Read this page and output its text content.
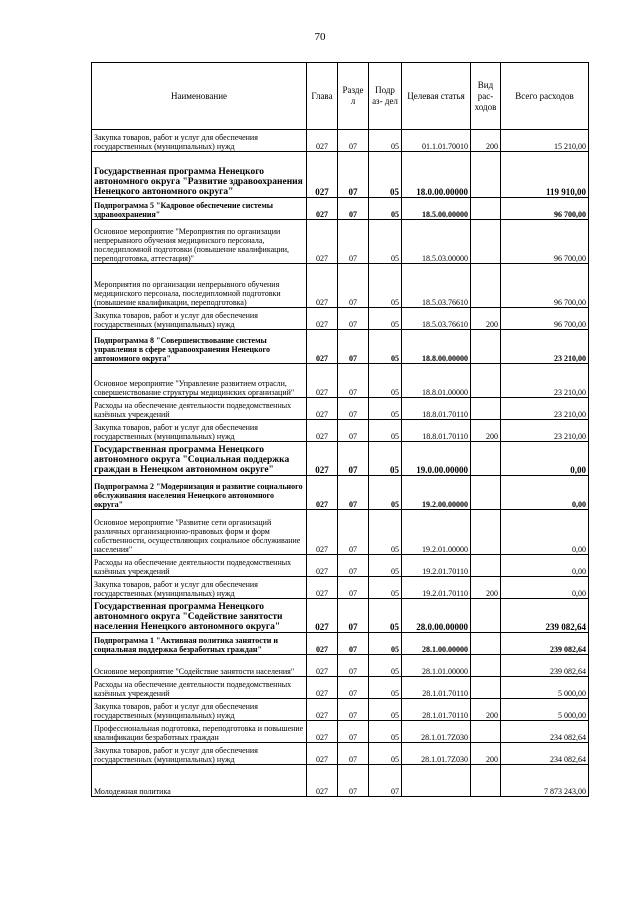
70
Наименование	Глава	Разде л	Подр аз- дел	Целевая статья	Вид рас- ходов	Всего расходов
Закупка товаров, работ и услуг для обеспечения государственных (муниципальных) нужд	027	07	05	01.1.01.70010	200	15 210,00
Государственная программа Ненецкого автономного округа "Развитие здравоохранения Ненецкого автономного округа"	027	07	05	18.0.00.00000		119 910,00
Подпрограмма 5 "Кадровое обеспечение системы здравоохранения"	027	07	05	18.5.00.00000		96 700,00
Основное мероприятие "Мероприятия по организации непрерывного обучения медицинского персонала, последипломной подготовки (повышение квалификации, переподготовка, аттестация)"	027	07	05	18.5.03.00000		96 700,00
Мероприятия по организации непрерывного обучения медицинского персонала, последипломной подготовки (повышение квалификации, переподготовка)	027	07	05	18.5.03.76610		96 700,00
Закупка товаров, работ и услуг для обеспечения государственных (муниципальных) нужд	027	07	05	18.5.03.76610	200	96 700,00
Подпрограмма 8 "Совершенствование системы управления в сфере здравоохранения Ненецкого автономного округа"	027	07	05	18.8.00.00000		23 210,00
Основное мероприятие "Управление развитием отрасли, совершенствование структуры медицинских организаций"	027	07	05	18.8.01.00000		23 210,00
Расходы на обеспечение деятельности подведомственных казённых учреждений	027	07	05	18.8.01.70110		23 210,00
Закупка товаров, работ и услуг для обеспечения государственных (муниципальных) нужд	027	07	05	18.8.01.70110	200	23 210,00
Государственная программа Ненецкого автономного округа "Социальная поддержка граждан в Ненецком автономном округе"	027	07	05	19.0.00.00000		0,00
Подпрограмма 2 "Модернизация и развитие социального обслуживания населения Ненецкого автономного округа"	027	07	05	19.2.00.00000		0,00
Основное мероприятие "Развитие сети организаций различных организационно-правовых форм и форм собственности, осуществляющих социальное обслуживание населения"	027	07	05	19.2.01.00000		0,00
Расходы на обеспечение деятельности подведомственных казённых учреждений	027	07	05	19.2.01.70110		0,00
Закупка товаров, работ и услуг для обеспечения государственных (муниципальных) нужд	027	07	05	19.2.01.70110	200	0,00
Государственная программа Ненецкого автономного округа "Содействие занятости населения Ненецкого автономного округа"	027	07	05	28.0.00.00000		239 082,64
Подпрограмма 1 "Активная политика занятости и социальная поддержка безработных граждан"	027	07	05	28.1.00.00000		239 082,64
Основное мероприятие "Содействие занятости населения"	027	07	05	28.1.01.00000		239 082,64
Расходы на обеспечение деятельности подведомственных казённых учреждений	027	07	05	28.1.01.70110		5 000,00
Закупка товаров, работ и услуг для обеспечения государственных (муниципальных) нужд	027	07	05	28.1.01.70110	200	5 000,00
Профессиональная подготовка, переподготовка и повышение квалификации безработных граждан	027	07	05	28.1.01.7Z030		234 082,64
Закупка товаров, работ и услуг для обеспечения государственных (муниципальных) нужд	027	07	05	28.1.01.7Z030	200	234 082,64
Молодежная политика	027	07	07			7 873 243,00
